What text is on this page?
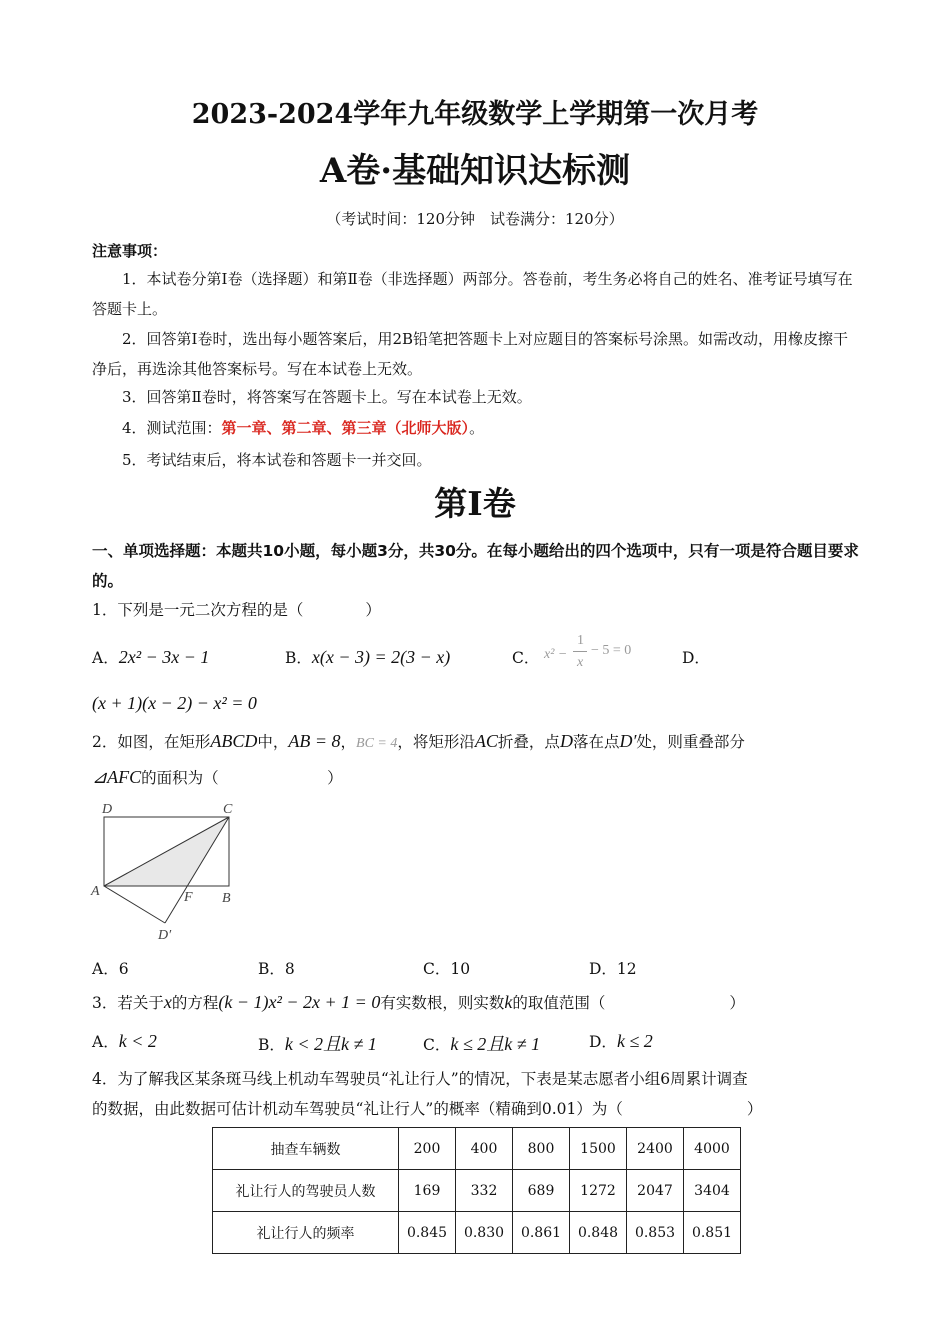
2023-2024学年九年级数学上学期第一次月考
A卷·基础知识达标测
（考试时间：120分钟　试卷满分：120分）
注意事项：
1．本试卷分第Ⅰ卷（选择题）和第Ⅱ卷（非选择题）两部分。答卷前，考生务必将自己的姓名、准考证号填写在答题卡上。
2．回答第Ⅰ卷时，选出每小题答案后，用2B铅笔把答题卡上对应题目的答案标号涂黑。如需改动，用橡皮擦干净后，再选涂其他答案标号。写在本试卷上无效。
3．回答第Ⅱ卷时，将答案写在答题卡上。写在本试卷上无效。
4．测试范围：第一章、第二章、第三章（北师大版）。
5．考试结束后，将本试卷和答题卡一并交回。
第Ⅰ卷
一、单项选择题：本题共10小题，每小题3分，共30分。在每小题给出的四个选项中，只有一项是符合题目要求的。
1．下列是一元二次方程的是（　　　　）
A．2x² − 3x − 1	B．x(x − 3) = 2(3 − x)	C． x² −
1
x
− 5 = 0	D．
(x + 1)(x − 2) − x² = 0
2．如图，在矩形ABCD中，AB = 8，BC = 4，将矩形沿AC折叠，点D落在点D′处，则重叠部分
⊿AFC的面积为（　　　　　　　）
D	C
A	F B
D′
A．6	B．8	C．10	D．12
3．若关于x的方程(k − 1)x² − 2x + 1 = 0有实数根，则实数k的取值范围（　　　　　　　　）
A．k < 2	B．k < 2且k ≠ 1	C．k ≤ 2且k ≠ 1	D．k ≤ 2
4．为了解我区某条斑马线上机动车驾驶员“礼让行人”的情况，下表是某志愿者小组6周累计调查
的数据，由此数据可估计机动车驾驶员“礼让行人”的概率（精确到0.01）为（　　　　　　　　）
抽查车辆数	200	400	800	1500	2400	4000
礼让行人的驾驶员人数	169	332	689	1272	2047	3404
礼让行人的频率	0.845	0.830	0.861	0.848	0.853	0.851
